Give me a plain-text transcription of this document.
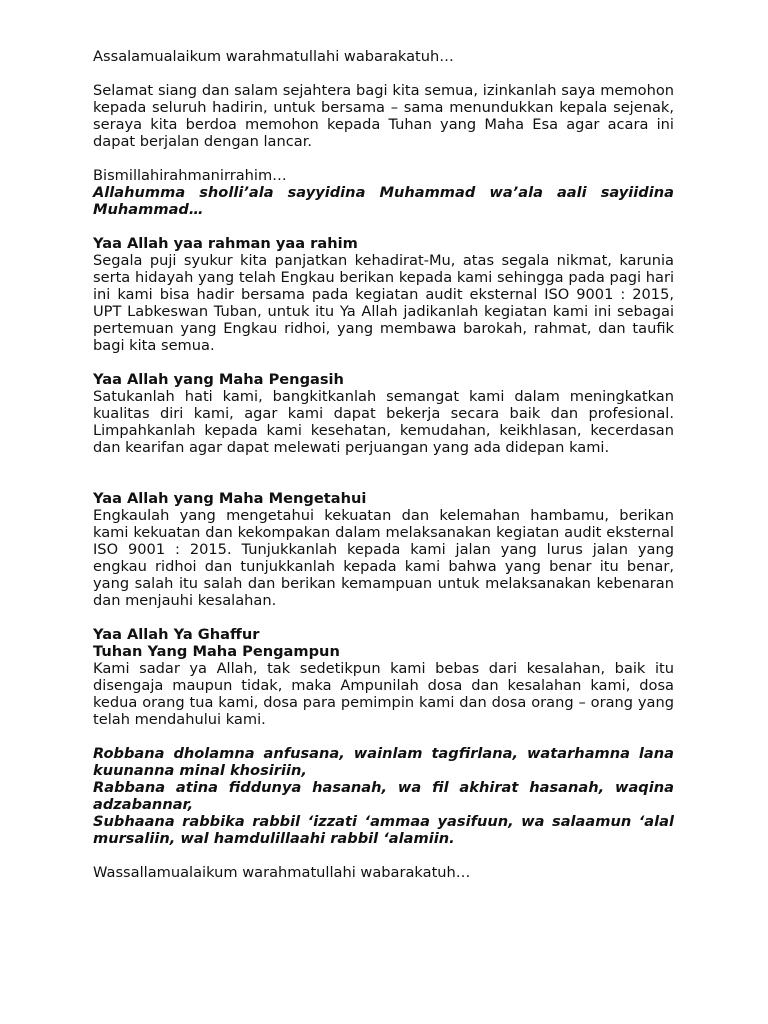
Assalamualaikum warahmatullahi wabarakatuh…

Selamat siang dan salam sejahtera bagi kita semua, izinkanlah saya memohon kepada seluruh hadirin, untuk bersama – sama menundukkan kepala sejenak, seraya kita berdoa memohon kepada Tuhan yang Maha Esa agar acara ini dapat berjalan dengan lancar.

Bismillahirahmanirrahim…

Allahumma sholli’ala sayyidina Muhammad wa’ala aali sayiidina Muhammad…

Yaa Allah yaa rahman yaa rahim

Segala puji syukur kita panjatkan kehadirat-Mu, atas segala nikmat, karunia serta hidayah yang telah Engkau berikan kepada kami sehingga pada pagi hari ini kami bisa hadir bersama pada kegiatan audit eksternal ISO 9001 : 2015, UPT Labkeswan Tuban, untuk itu Ya Allah jadikanlah kegiatan kami ini sebagai pertemuan yang Engkau ridhoi, yang membawa barokah, rahmat, dan taufik bagi kita semua.

Yaa Allah yang Maha Pengasih

Satukanlah hati kami, bangkitkanlah semangat kami dalam meningkatkan kualitas diri kami, agar kami dapat bekerja secara baik dan profesional. Limpahkanlah kepada kami kesehatan, kemudahan, keikhlasan, kecerdasan dan kearifan agar dapat melewati perjuangan yang ada didepan kami.

Yaa Allah yang Maha Mengetahui

Engkaulah yang mengetahui kekuatan dan kelemahan hambamu, berikan kami kekuatan dan kekompakan dalam melaksanakan kegiatan audit eksternal ISO 9001 : 2015. Tunjukkanlah kepada kami jalan yang lurus jalan yang engkau ridhoi dan tunjukkanlah kepada kami bahwa yang benar itu benar, yang salah itu salah dan berikan kemampuan untuk melaksanakan kebenaran dan menjauhi kesalahan.

Yaa Allah Ya Ghaffur

Tuhan Yang Maha Pengampun

Kami sadar ya Allah, tak sedetikpun kami bebas dari kesalahan, baik itu disengaja maupun tidak, maka Ampunilah dosa dan kesalahan kami, dosa kedua orang tua kami, dosa para pemimpin kami dan dosa orang – orang yang telah mendahului kami.

Robbana dholamna anfusana, wainlam tagfirlana, watarhamna lana kuunanna minal khosiriin,

Rabbana atina fiddunya hasanah, wa fil akhirat hasanah, waqina adzabannar,

Subhaana rabbika rabbil ‘izzati ‘ammaa yasifuun, wa salaamun ‘alal mursaliin, wal hamdulillaahi rabbil ‘alamiin.

Wassallamualaikum warahmatullahi wabarakatuh…
